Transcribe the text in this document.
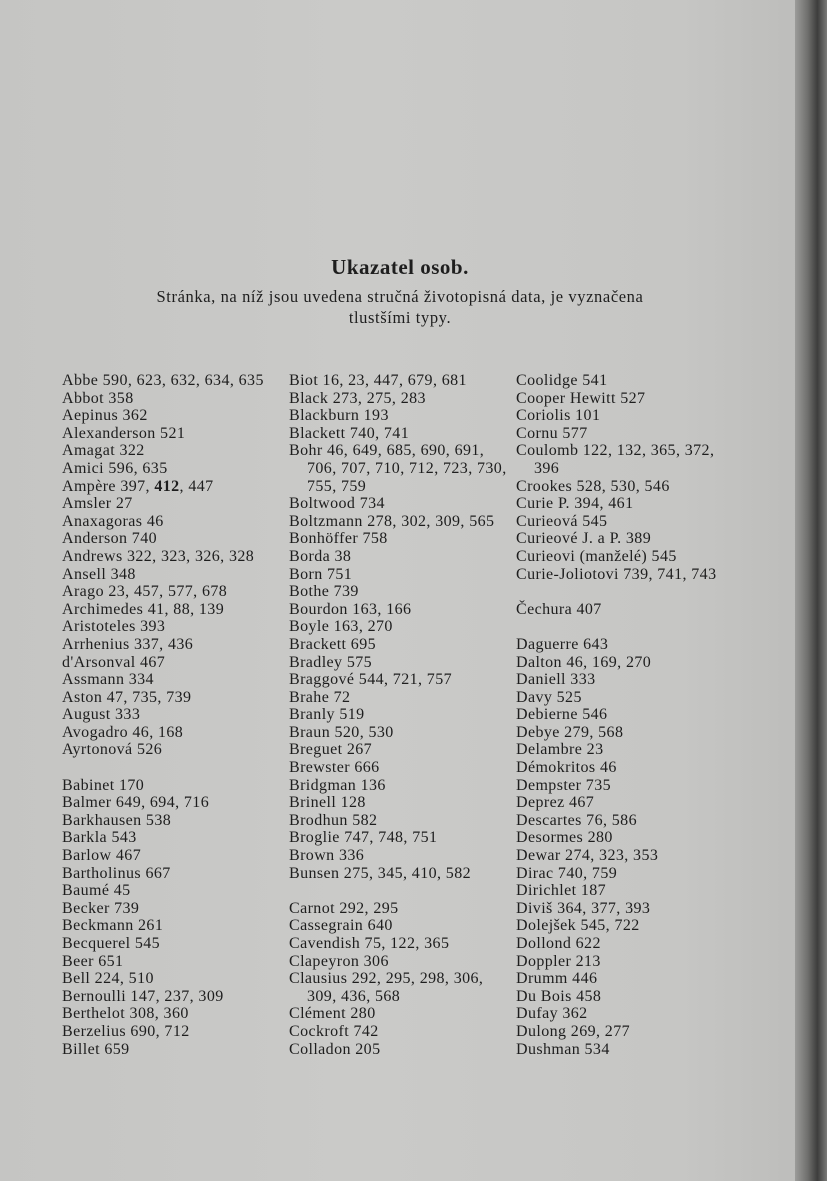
Ukazatel osob.
Stránka, na níž jsou uvedena stručná životopisná data, je vyznačena
tlustšími typy.
Abbe 590, 623, 632, 634, 635
Abbot 358
Aepinus 362
Alexanderson 521
Amagat 322
Amici 596, 635
Ampère 397, 412, 447
Amsler 27
Anaxagoras 46
Anderson 740
Andrews 322, 323, 326, 328
Ansell 348
Arago 23, 457, 577, 678
Archimedes 41, 88, 139
Aristoteles 393
Arrhenius 337, 436
d'Arsonval 467
Assmann 334
Aston 47, 735, 739
August 333
Avogadro 46, 168
Ayrtonová 526
Babinet 170
Balmer 649, 694, 716
Barkhausen 538
Barkla 543
Barlow 467
Bartholinus 667
Baumé 45
Becker 739
Beckmann 261
Becquerel 545
Beer 651
Bell 224, 510
Bernoulli 147, 237, 309
Berthelot 308, 360
Berzelius 690, 712
Billet 659
Biot 16, 23, 447, 679, 681
Black 273, 275, 283
Blackburn 193
Blackett 740, 741
Bohr 46, 649, 685, 690, 691, 706, 707, 710, 712, 723, 730, 755, 759
Boltwood 734
Boltzmann 278, 302, 309, 565
Bonhöffer 758
Borda 38
Born 751
Bothe 739
Bourdon 163, 166
Boyle 163, 270
Brackett 695
Bradley 575
Braggové 544, 721, 757
Brahe 72
Branly 519
Braun 520, 530
Breguet 267
Brewster 666
Bridgman 136
Brinell 128
Brodhun 582
Broglie 747, 748, 751
Brown 336
Bunsen 275, 345, 410, 582
Carnot 292, 295
Cassegrain 640
Cavendish 75, 122, 365
Clapeyron 306
Clausius 292, 295, 298, 306, 309, 436, 568
Clément 280
Cockroft 742
Colladon 205
Coolidge 541
Cooper Hewitt 527
Coriolis 101
Cornu 577
Coulomb 122, 132, 365, 372, 396
Crookes 528, 530, 546
Curie P. 394, 461
Curieová 545
Curieové J. a P. 389
Curieovi (manželé) 545
Curie-Joliotovi 739, 741, 743
Čechura 407
Daguerre 643
Dalton 46, 169, 270
Daniell 333
Davy 525
Debierne 546
Debye 279, 568
Delambre 23
Démokritos 46
Dempster 735
Deprez 467
Descartes 76, 586
Desormes 280
Dewar 274, 323, 353
Dirac 740, 759
Dirichlet 187
Diviš 364, 377, 393
Dolejšek 545, 722
Dollond 622
Doppler 213
Drumm 446
Du Bois 458
Dufay 362
Dulong 269, 277
Dushman 534
